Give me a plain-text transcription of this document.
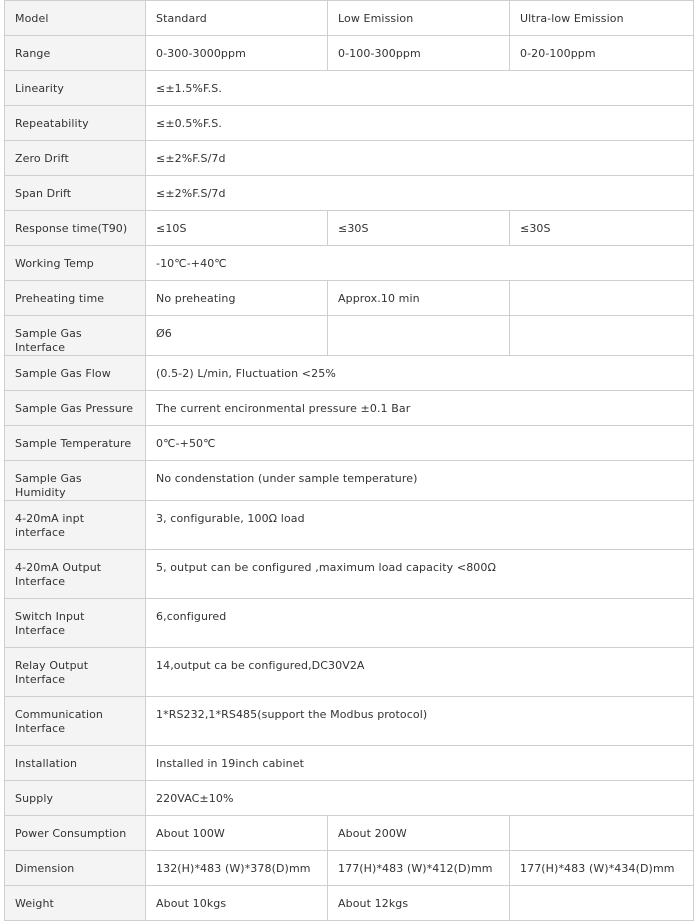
Model	Standard	Low Emission	Ultra-low Emission
Range	0-300-3000ppm	0-100-300ppm	0-20-100ppm
Linearity	≤±1.5%F.S.		
Repeatability	≤±0.5%F.S.		
Zero Drift	≤±2%F.S/7d		
Span Drift	≤±2%F.S/7d		
Response time(T90)	≤10S	≤30S	≤30S
Working Temp	-10℃-+40℃		
Preheating time	No preheating	Approx.10 min	
Sample Gas Interface	Ø6		
Sample Gas Flow	(0.5-2) L/min, Fluctuation <25%		
Sample Gas Pressure	The current encironmental pressure ±0.1 Bar		
Sample Temperature	0℃-+50℃		
Sample Gas Humidity	No condenstation (under sample temperature)		
4-20mA inpt interface	3, configurable, 100Ω load		
4-20mA Output Interface	5, output can be configured ,maximum load capacity <800Ω		
Switch Input Interface	6,configured		
Relay Output Interface	14,output ca be configured,DC30V2A		
Communication Interface	1*RS232,1*RS485(support the Modbus protocol)		
Installation	Installed in 19inch cabinet		
Supply	220VAC±10%		
Power Consumption	About 100W	About 200W	
Dimension	132(H)*483 (W)*378(D)mm	177(H)*483 (W)*412(D)mm	177(H)*483 (W)*434(D)mm
Weight	About 10kgs	About 12kgs	
